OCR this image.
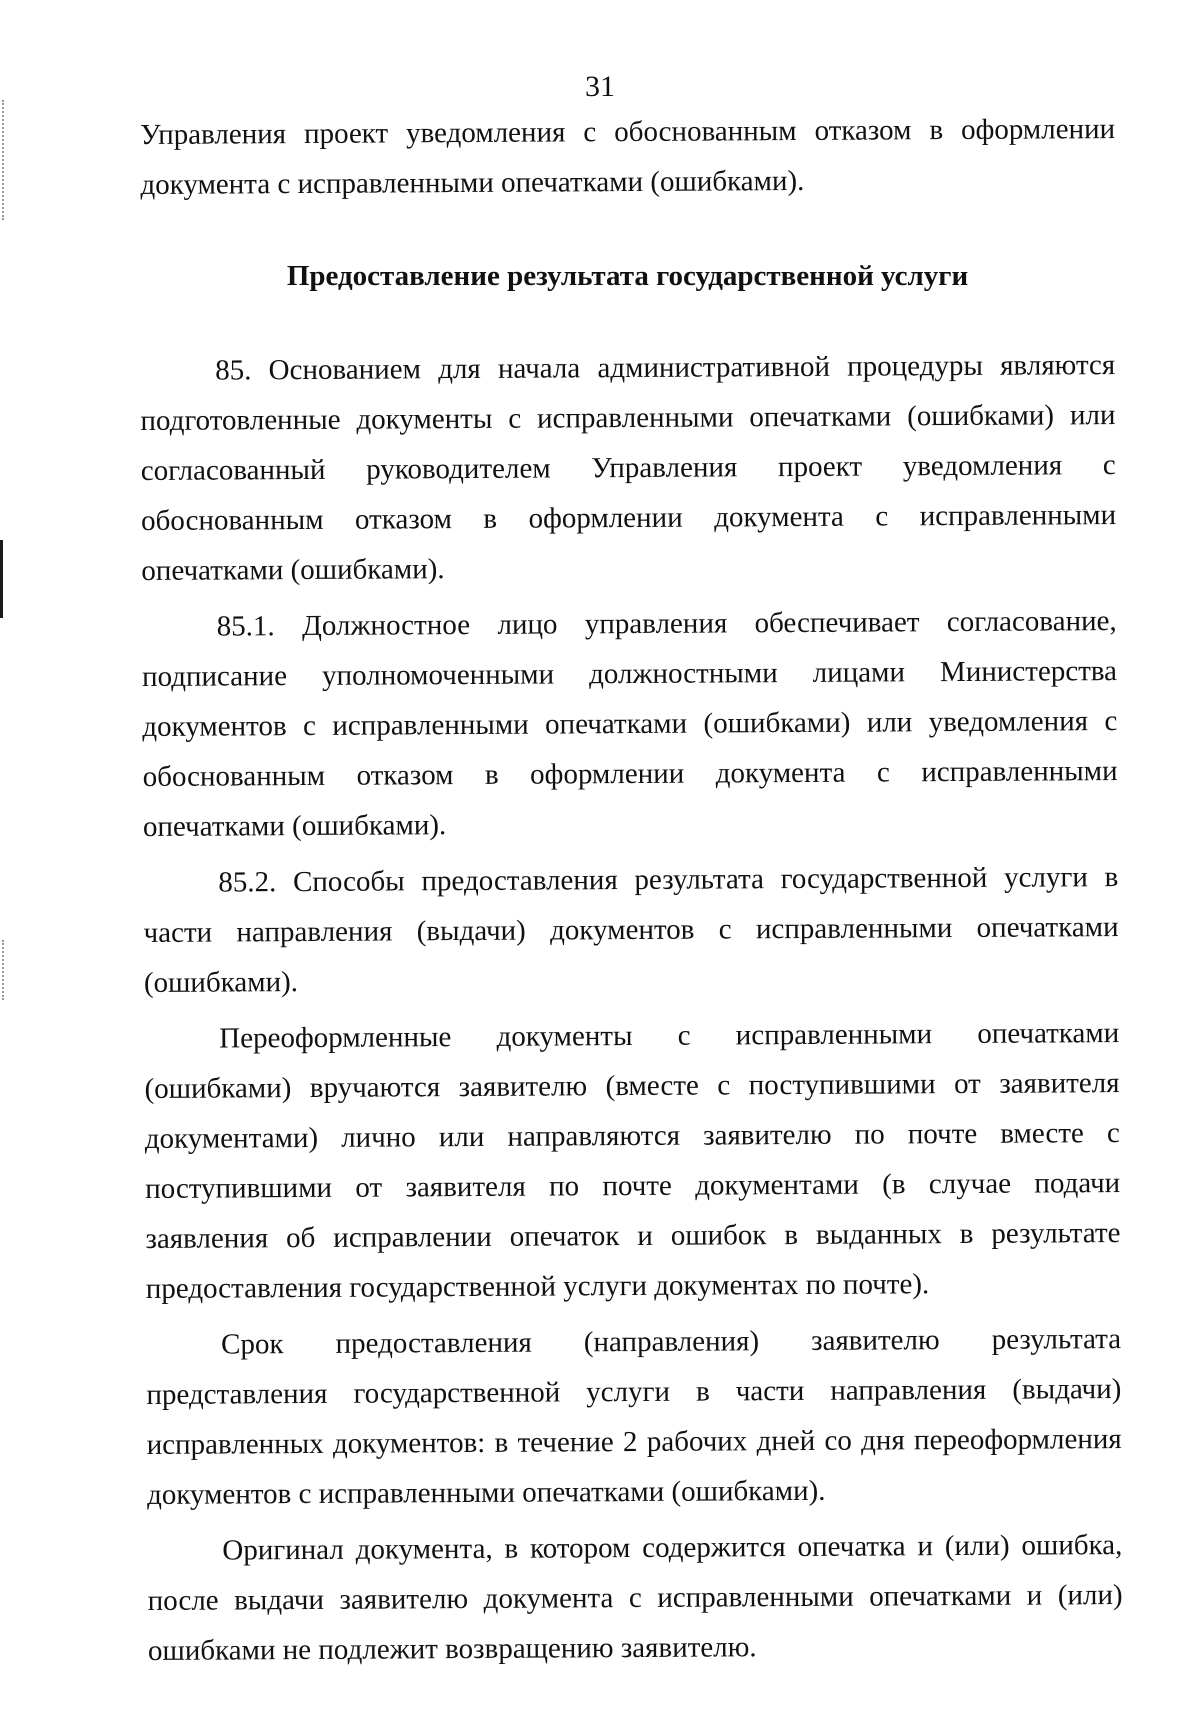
31

Управления проект уведомления с обоснованным отказом в оформлении документа с исправленными опечатками (ошибками).

Предоставление результата государственной услуги

85. Основанием для начала административной процедуры являются подготовленные документы с исправленными опечатками (ошибками) или согласованный руководителем Управления проект уведомления с обоснованным отказом в оформлении документа с исправленными опечатками (ошибками).

85.1. Должностное лицо управления обеспечивает согласование, подписание уполномоченными должностными лицами Министерства документов с исправленными опечатками (ошибками) или уведомления с обоснованным отказом в оформлении документа с исправленными опечатками (ошибками).

85.2. Способы предоставления результата государственной услуги в части направления (выдачи) документов с исправленными опечатками (ошибками).

Переоформленные документы с исправленными опечатками (ошибками) вручаются заявителю (вместе с поступившими от заявителя документами) лично или направляются заявителю по почте вместе с поступившими от заявителя по почте документами (в случае подачи заявления об исправлении опечаток и ошибок в выданных в результате предоставления государственной услуги документах по почте).

Срок предоставления (направления) заявителю результата представления государственной услуги в части направления (выдачи) исправленных документов: в течение 2 рабочих дней со дня переоформления документов с исправленными опечатками (ошибками).

Оригинал документа, в котором содержится опечатка и (или) ошибка, после выдачи заявителю документа с исправленными опечатками и (или) ошибками не подлежит возвращению заявителю.
